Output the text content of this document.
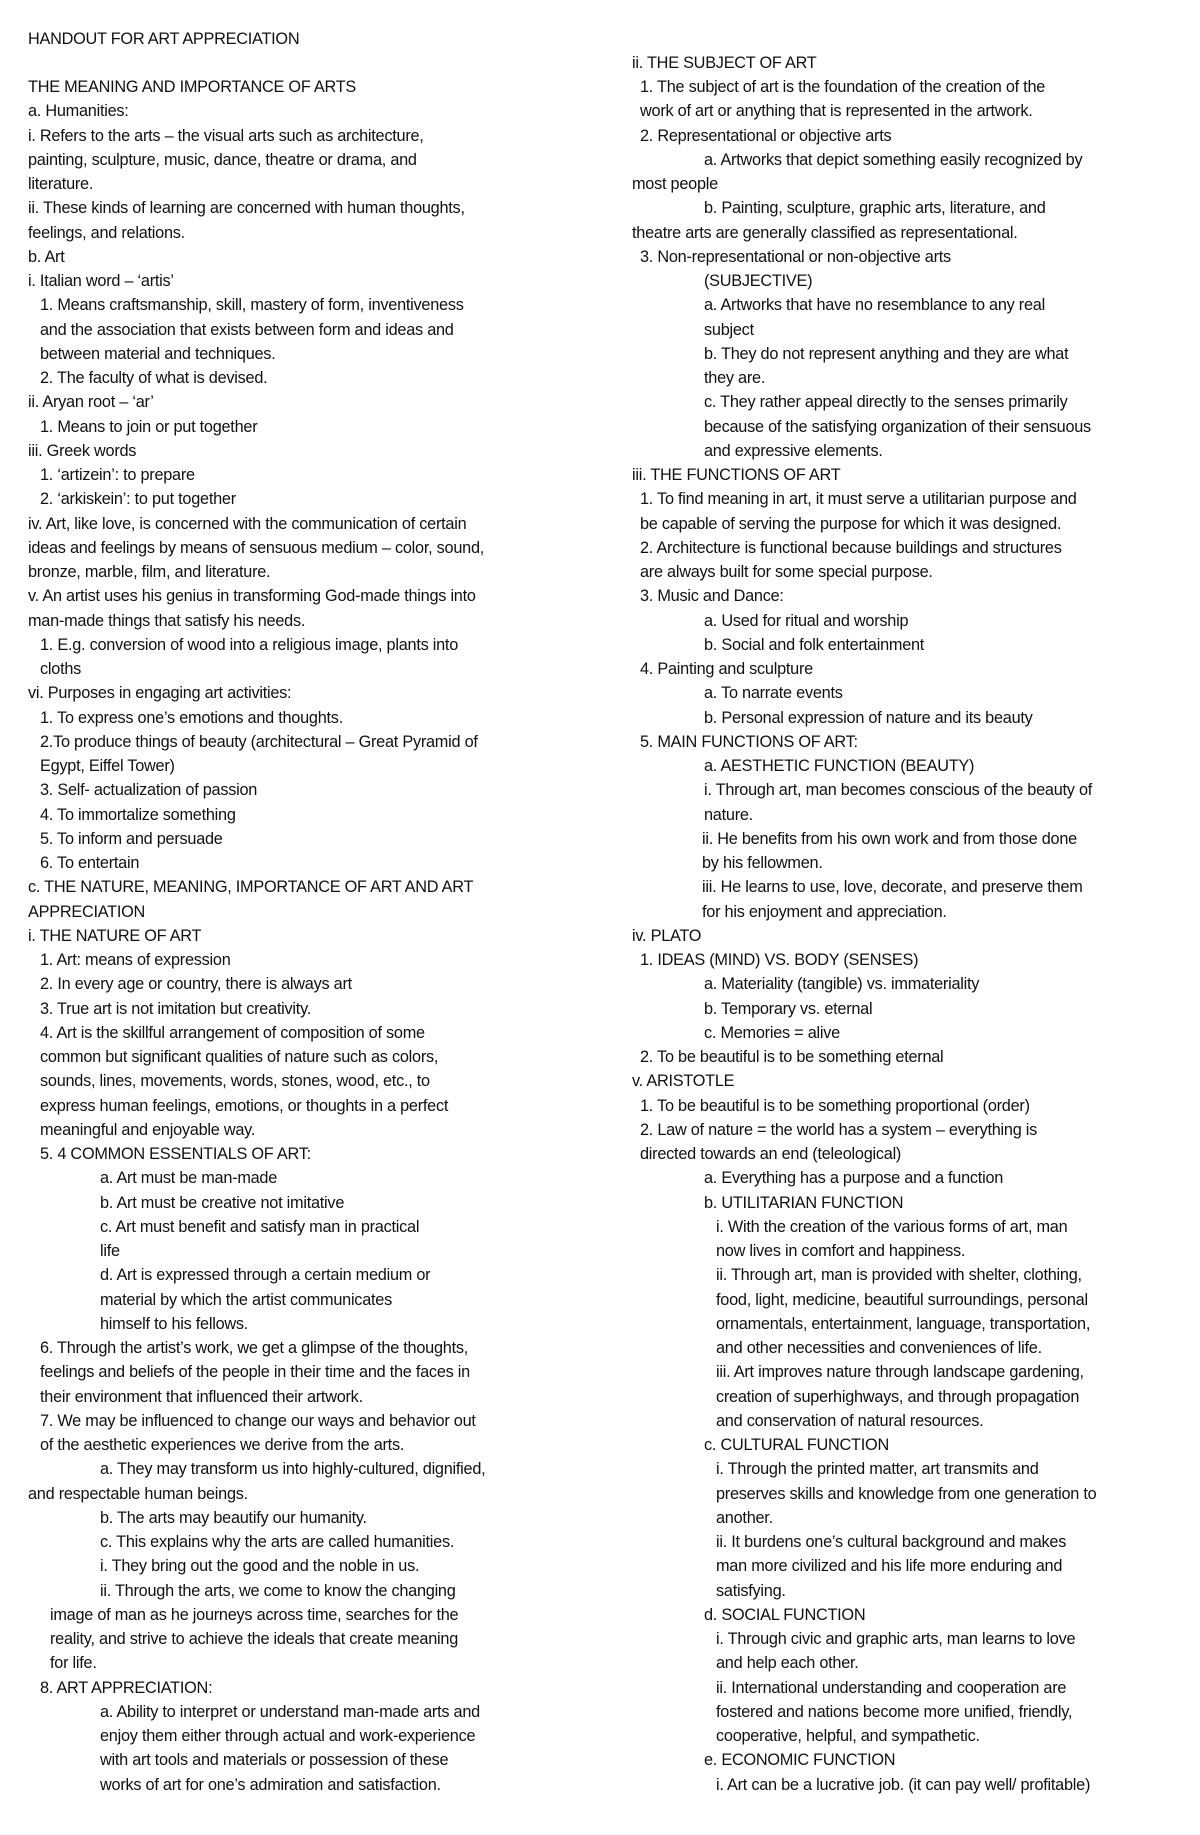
HANDOUT FOR ART APPRECIATION
THE MEANING AND IMPORTANCE OF ARTS
a. Humanities:
i. Refers to the arts – the visual arts such as architecture,
painting, sculpture, music, dance, theatre or drama, and
literature.
ii. These kinds of learning are concerned with human thoughts,
feelings, and relations.
b. Art
i. Italian word – ‘artis’
1. Means craftsmanship, skill, mastery of form, inventiveness
and the association that exists between form and ideas and
between material and techniques.
2. The faculty of what is devised.
ii. Aryan root – ‘ar’
1. Means to join or put together
iii. Greek words
1. ‘artizein’: to prepare
2. ‘arkiskein’: to put together
iv. Art, like love, is concerned with the communication of certain
ideas and feelings by means of sensuous medium – color, sound,
bronze, marble, film, and literature.
v. An artist uses his genius in transforming God-made things into
man-made things that satisfy his needs.
1. E.g. conversion of wood into a religious image, plants into
cloths
vi. Purposes in engaging art activities:
1. To express one’s emotions and thoughts.
2.To produce things of beauty (architectural – Great Pyramid of
Egypt, Eiffel Tower)
3. Self- actualization of passion
4. To immortalize something
5. To inform and persuade
6. To entertain
c. THE NATURE, MEANING, IMPORTANCE OF ART AND ART
APPRECIATION
i. THE NATURE OF ART
1. Art: means of expression
2. In every age or country, there is always art
3. True art is not imitation but creativity.
4. Art is the skillful arrangement of composition of some
common but significant qualities of nature such as colors,
sounds, lines, movements, words, stones, wood, etc., to
express human feelings, emotions, or thoughts in a perfect
meaningful and enjoyable way.
5. 4 COMMON ESSENTIALS OF ART:
a. Art must be man-made
b. Art must be creative not imitative
c. Art must benefit and satisfy man in practical
life
d. Art is expressed through a certain medium or
material by which the artist communicates
himself to his fellows.
6. Through the artist’s work, we get a glimpse of the thoughts,
feelings and beliefs of the people in their time and the faces in
their environment that influenced their artwork.
7. We may be influenced to change our ways and behavior out
of the aesthetic experiences we derive from the arts.
a. They may transform us into highly-cultured, dignified,
and respectable human beings.
b. The arts may beautify our humanity.
c. This explains why the arts are called humanities.
i. They bring out the good and the noble in us.
ii. Through the arts, we come to know the changing
image of man as he journeys across time, searches for the
reality, and strive to achieve the ideals that create meaning
for life.
8. ART APPRECIATION:
a. Ability to interpret or understand man-made arts and
enjoy them either through actual and work-experience
with art tools and materials or possession of these
works of art for one’s admiration and satisfaction.
ii. THE SUBJECT OF ART
1. The subject of art is the foundation of the creation of the
work of art or anything that is represented in the artwork.
2. Representational or objective arts
a. Artworks that depict something easily recognized by
most people
b. Painting, sculpture, graphic arts, literature, and
theatre arts are generally classified as representational.
3. Non-representational or non-objective arts
(SUBJECTIVE)
a. Artworks that have no resemblance to any real
subject
b. They do not represent anything and they are what
they are.
c. They rather appeal directly to the senses primarily
because of the satisfying organization of their sensuous
and expressive elements.
iii. THE FUNCTIONS OF ART
1. To find meaning in art, it must serve a utilitarian purpose and
be capable of serving the purpose for which it was designed.
2. Architecture is functional because buildings and structures
are always built for some special purpose.
3. Music and Dance:
a. Used for ritual and worship
b. Social and folk entertainment
4. Painting and sculpture
a. To narrate events
b. Personal expression of nature and its beauty
5. MAIN FUNCTIONS OF ART:
a. AESTHETIC FUNCTION (BEAUTY)
i. Through art, man becomes conscious of the beauty of
nature.
ii. He benefits from his own work and from those done
by his fellowmen.
iii. He learns to use, love, decorate, and preserve them
for his enjoyment and appreciation.
iv. PLATO
1. IDEAS (MIND) VS. BODY (SENSES)
a. Materiality (tangible) vs. immateriality
b. Temporary vs. eternal
c. Memories = alive
2. To be beautiful is to be something eternal
v. ARISTOTLE
1. To be beautiful is to be something proportional (order)
2. Law of nature = the world has a system – everything is
directed towards an end (teleological)
a. Everything has a purpose and a function
b. UTILITARIAN FUNCTION
i. With the creation of the various forms of art, man
now lives in comfort and happiness.
ii. Through art, man is provided with shelter, clothing,
food, light, medicine, beautiful surroundings, personal
ornamentals, entertainment, language, transportation,
and other necessities and conveniences of life.
iii. Art improves nature through landscape gardening,
creation of superhighways, and through propagation
and conservation of natural resources.
c. CULTURAL FUNCTION
i. Through the printed matter, art transmits and
preserves skills and knowledge from one generation to
another.
ii. It burdens one’s cultural background and makes
man more civilized and his life more enduring and
satisfying.
d. SOCIAL FUNCTION
i. Through civic and graphic arts, man learns to love
and help each other.
ii. International understanding and cooperation are
fostered and nations become more unified, friendly,
cooperative, helpful, and sympathetic.
e. ECONOMIC FUNCTION
i. Art can be a lucrative job. (it can pay well/ profitable)
